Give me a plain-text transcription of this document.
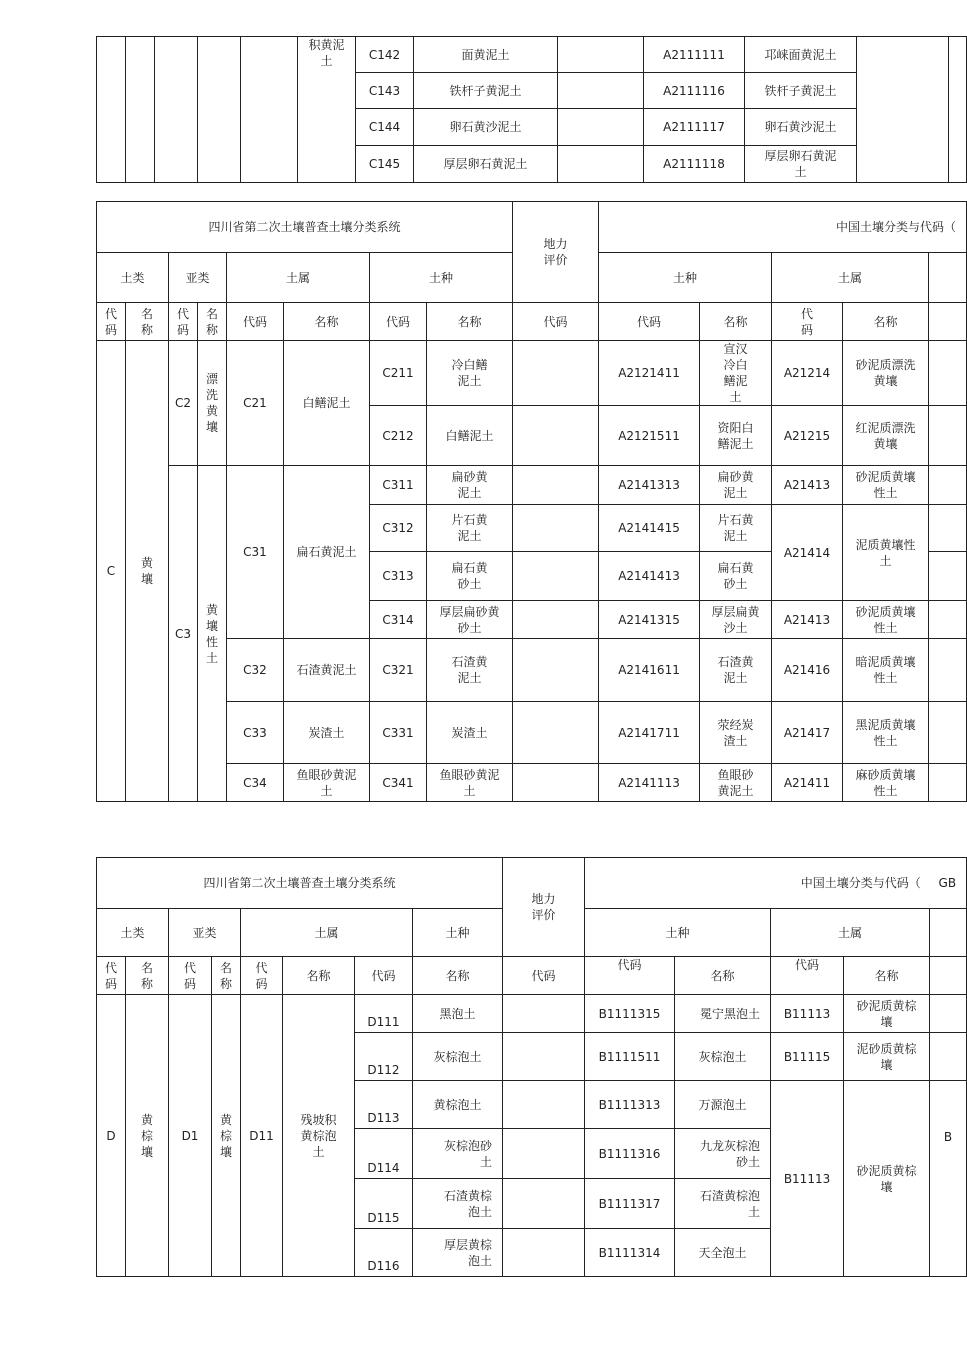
					积黄泥土	C142	面黄泥土		A2111111	邛崃面黄泥土		
						C143	铁杆子黄泥土		A2111116	铁杆子黄泥土		
						C144	卵石黄沙泥土		A2111117	卵石黄沙泥土		
						C145	厚层卵石黄泥土		A2111118	厚层卵石黄泥土		
四川省第二次土壤普查土壤分类系统								地力评价	中国土壤分类与代码（				
土类		亚类		土属		土种			土种		土属		
代码	名称	代码	名称	代码	名称	代码	名称	代码	代码	名称	代码	名称	
C	黄壤	C2	漂洗黄壤	C21	白鳝泥土	C211	冷白鳝泥土		A2121411	宣汉冷白鳝泥土	A21214	砂泥质漂洗黄壤	
						C212	白鳝泥土		A2121511	资阳白鳝泥土	A21215	红泥质漂洗黄壤	
		C3	黄壤性土	C31	扁石黄泥土	C311	扁砂黄泥土		A2141313	扁砂黄泥土	A21413	砂泥质黄壤性土	
						C312	片石黄泥土		A2141415	片石黄泥土	A21414	泥质黄壤性土	
						C313	扁石黄砂土		A2141413	扁石黄砂土			
						C314	厚层扁砂黄砂土		A2141315	厚层扁黄沙土	A21413	砂泥质黄壤性土	
				C32	石渣黄泥土	C321	石渣黄泥土		A2141611	石渣黄泥土	A21416	暗泥质黄壤性土	
				C33	炭渣土	C331	炭渣土		A2141711	荥经炭渣土	A21417	黑泥质黄壤性土	
				C34	鱼眼砂黄泥土	C341	鱼眼砂黄泥土		A2141113	鱼眼砂黄泥土	A21411	麻砂质黄壤性土	
四川省第二次土壤普查土壤分类系统								地力评价	中国土壤分类与代码（ GB				
土类		亚类		土属			土种		土种		土属		
代码	名称	代码	名称	代码	名称	代码	名称	代码	代码	名称	代码	名称	
D	黄棕壤	D1	黄棕壤	D11	残坡积黄棕泡土	D111	黑泡土		B1111315	冕宁黑泡土	B11113	砂泥质黄棕壤	
						D112	灰棕泡土		B1111511	灰棕泡土	B11115	泥砂质黄棕壤	
						D113	黄棕泡土		B1111313	万源泡土	B11113	砂泥质黄棕壤	B
						D114	灰棕泡砂土		B1111316	九龙灰棕泡砂土			
						D115	石渣黄棕泡土		B1111317	石渣黄棕泡土			
						D116	厚层黄棕泡土		B1111314	天全泡土			
